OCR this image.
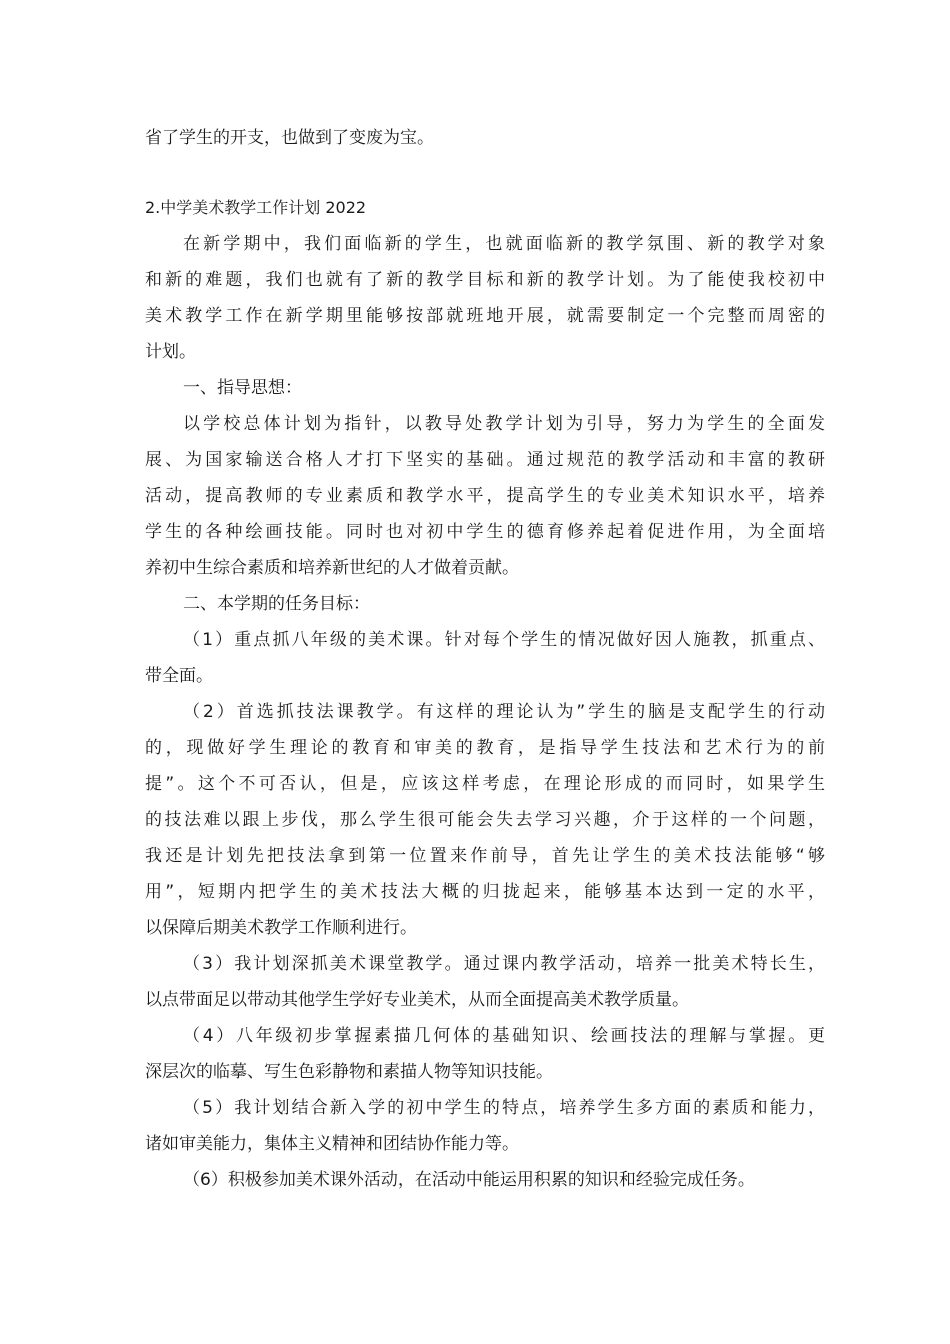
省了学生的开支，也做到了变废为宝。
2.中学美术教学工作计划 2022
在新学期中，我们面临新的学生，也就面临新的教学氛围、新的教学对象
和新的难题，我们也就有了新的教学目标和新的教学计划。为了能使我校初中
美术教学工作在新学期里能够按部就班地开展，就需要制定一个完整而周密的
计划。
一、指导思想：
以学校总体计划为指针，以教导处教学计划为引导，努力为学生的全面发
展、为国家输送合格人才打下坚实的基础。通过规范的教学活动和丰富的教研
活动，提高教师的专业素质和教学水平，提高学生的专业美术知识水平，培养
学生的各种绘画技能。同时也对初中学生的德育修养起着促进作用，为全面培
养初中生综合素质和培养新世纪的人才做着贡献。
二、本学期的任务目标：
（1）重点抓八年级的美术课。针对每个学生的情况做好因人施教，抓重点、
带全面。
（2）首选抓技法课教学。有这样的理论认为”学生的脑是支配学生的行动
的，现做好学生理论的教育和审美的教育，是指导学生技法和艺术行为的前
提”。这个不可否认，但是，应该这样考虑，在理论形成的而同时，如果学生
的技法难以跟上步伐，那么学生很可能会失去学习兴趣，介于这样的一个问题，
我还是计划先把技法拿到第一位置来作前导，首先让学生的美术技法能够“够
用”，短期内把学生的美术技法大概的归拢起来，能够基本达到一定的水平，
以保障后期美术教学工作顺利进行。
（3）我计划深抓美术课堂教学。通过课内教学活动，培养一批美术特长生，
以点带面足以带动其他学生学好专业美术，从而全面提高美术教学质量。
（4）八年级初步掌握素描几何体的基础知识、绘画技法的理解与掌握。更
深层次的临摹、写生色彩静物和素描人物等知识技能。
（5）我计划结合新入学的初中学生的特点，培养学生多方面的素质和能力，
诸如审美能力，集体主义精神和团结协作能力等。
（6）积极参加美术课外活动，在活动中能运用积累的知识和经验完成任务。
